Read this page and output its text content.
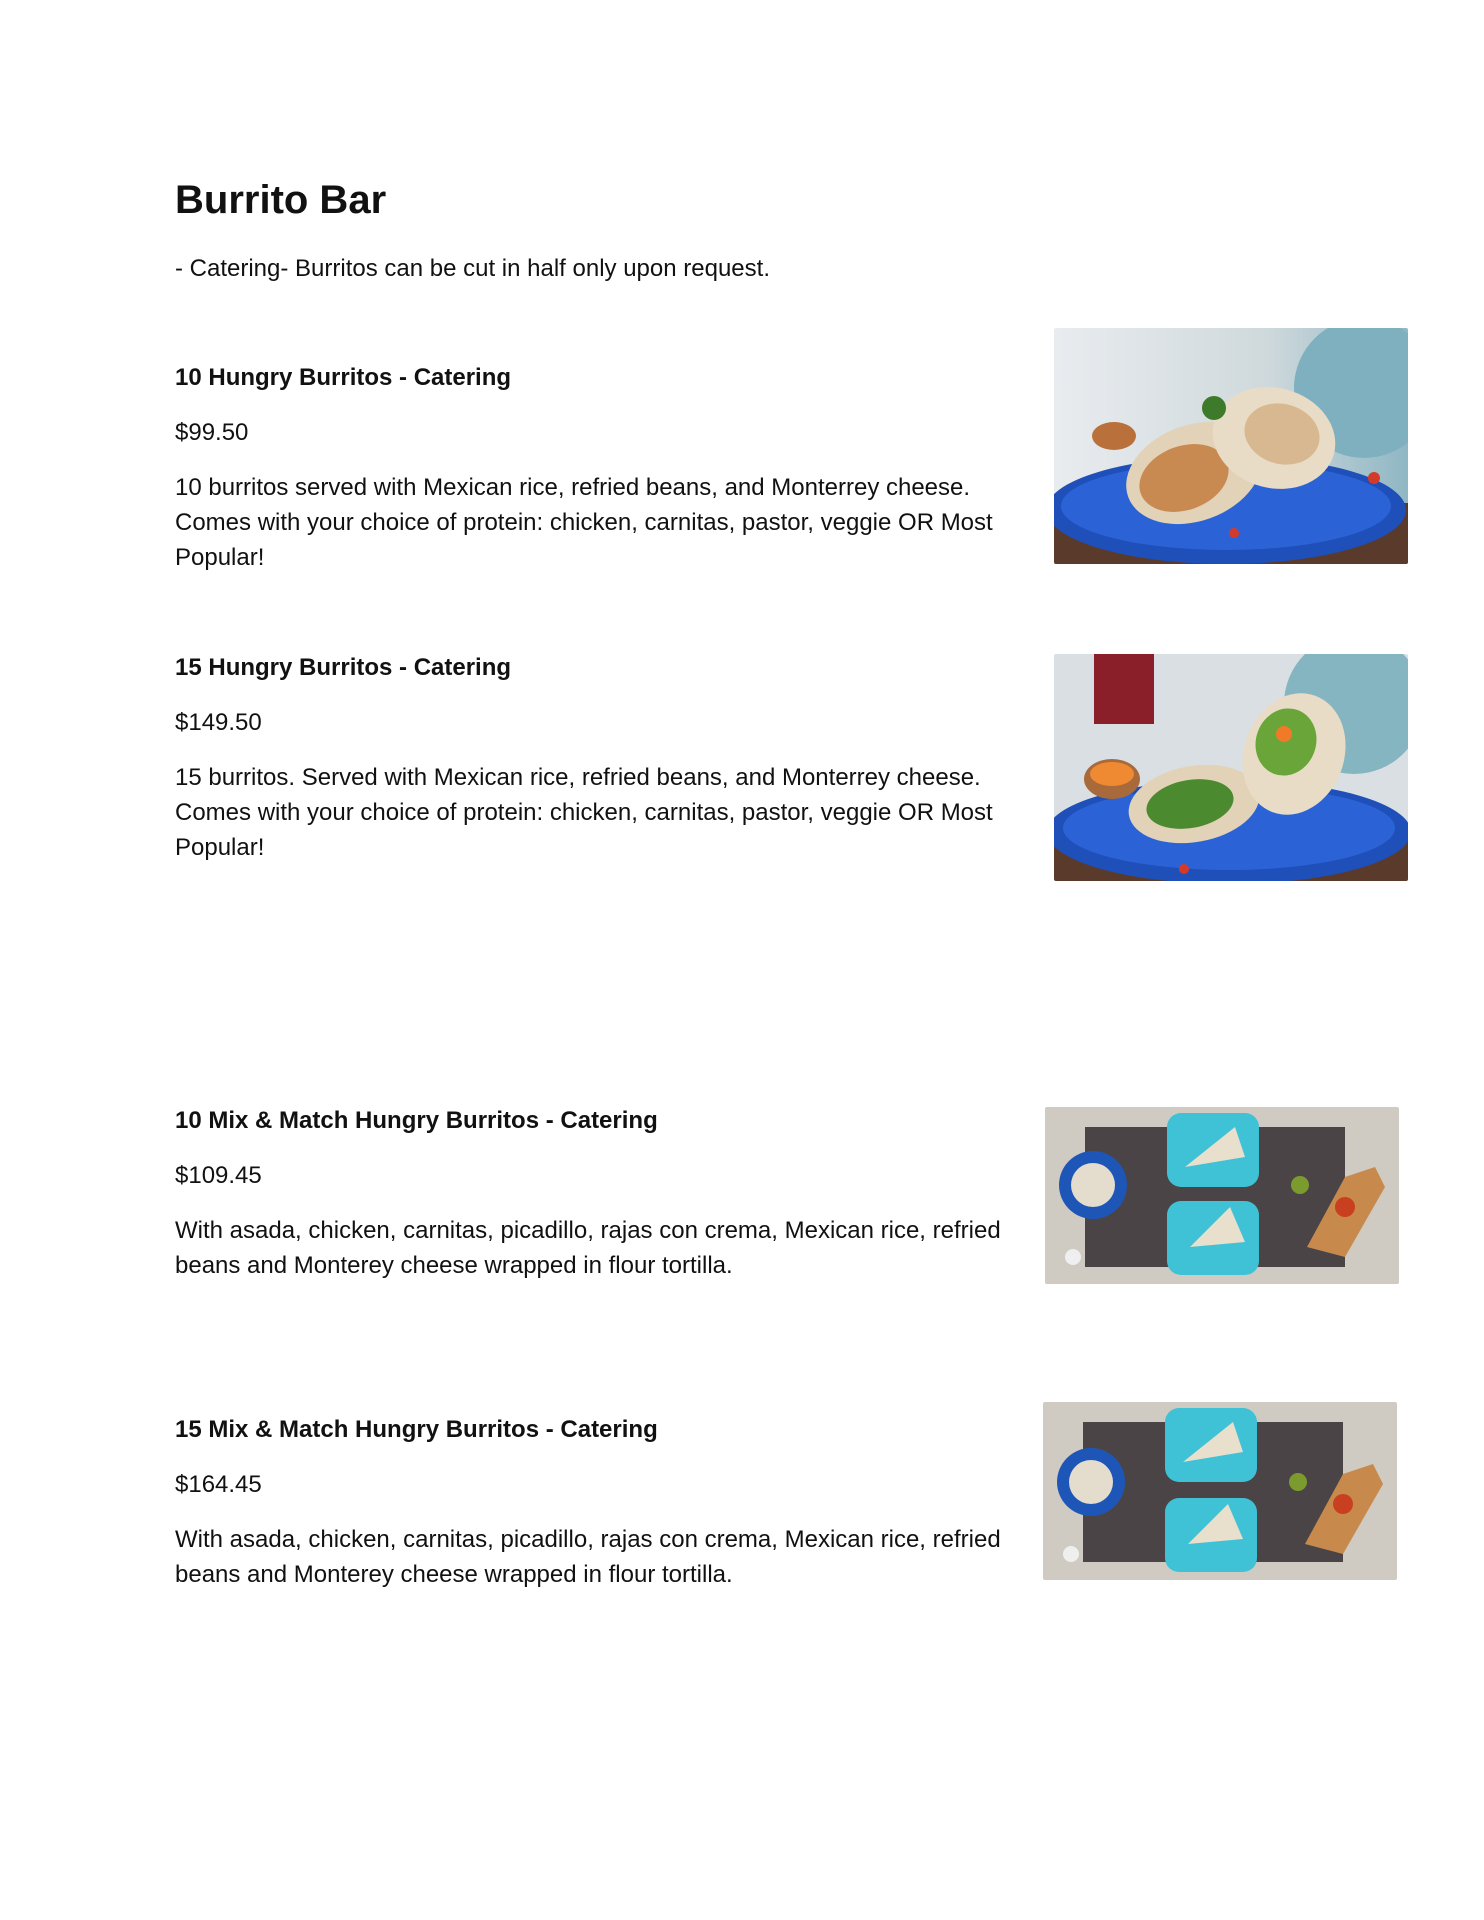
Burrito Bar

- Catering- Burritos can be cut in half only upon request.

10 Hungry Burritos - Catering

$99.50

10 burritos served with Mexican rice, refried beans, and Monterrey cheese. Comes with your choice of protein: chicken, carnitas, pastor, veggie OR Most Popular!

15 Hungry Burritos - Catering

$149.50

15 burritos. Served with Mexican rice, refried beans, and Monterrey cheese. Comes with your choice of protein: chicken, carnitas, pastor, veggie OR Most Popular!

10 Mix & Match Hungry Burritos - Catering

$109.45

With asada, chicken, carnitas, picadillo, rajas con crema, Mexican rice, refried beans and Monterey cheese wrapped in flour tortilla.

15 Mix & Match Hungry Burritos - Catering

$164.45

With asada, chicken, carnitas, picadillo, rajas con crema, Mexican rice, refried beans and Monterey cheese wrapped in flour tortilla.
